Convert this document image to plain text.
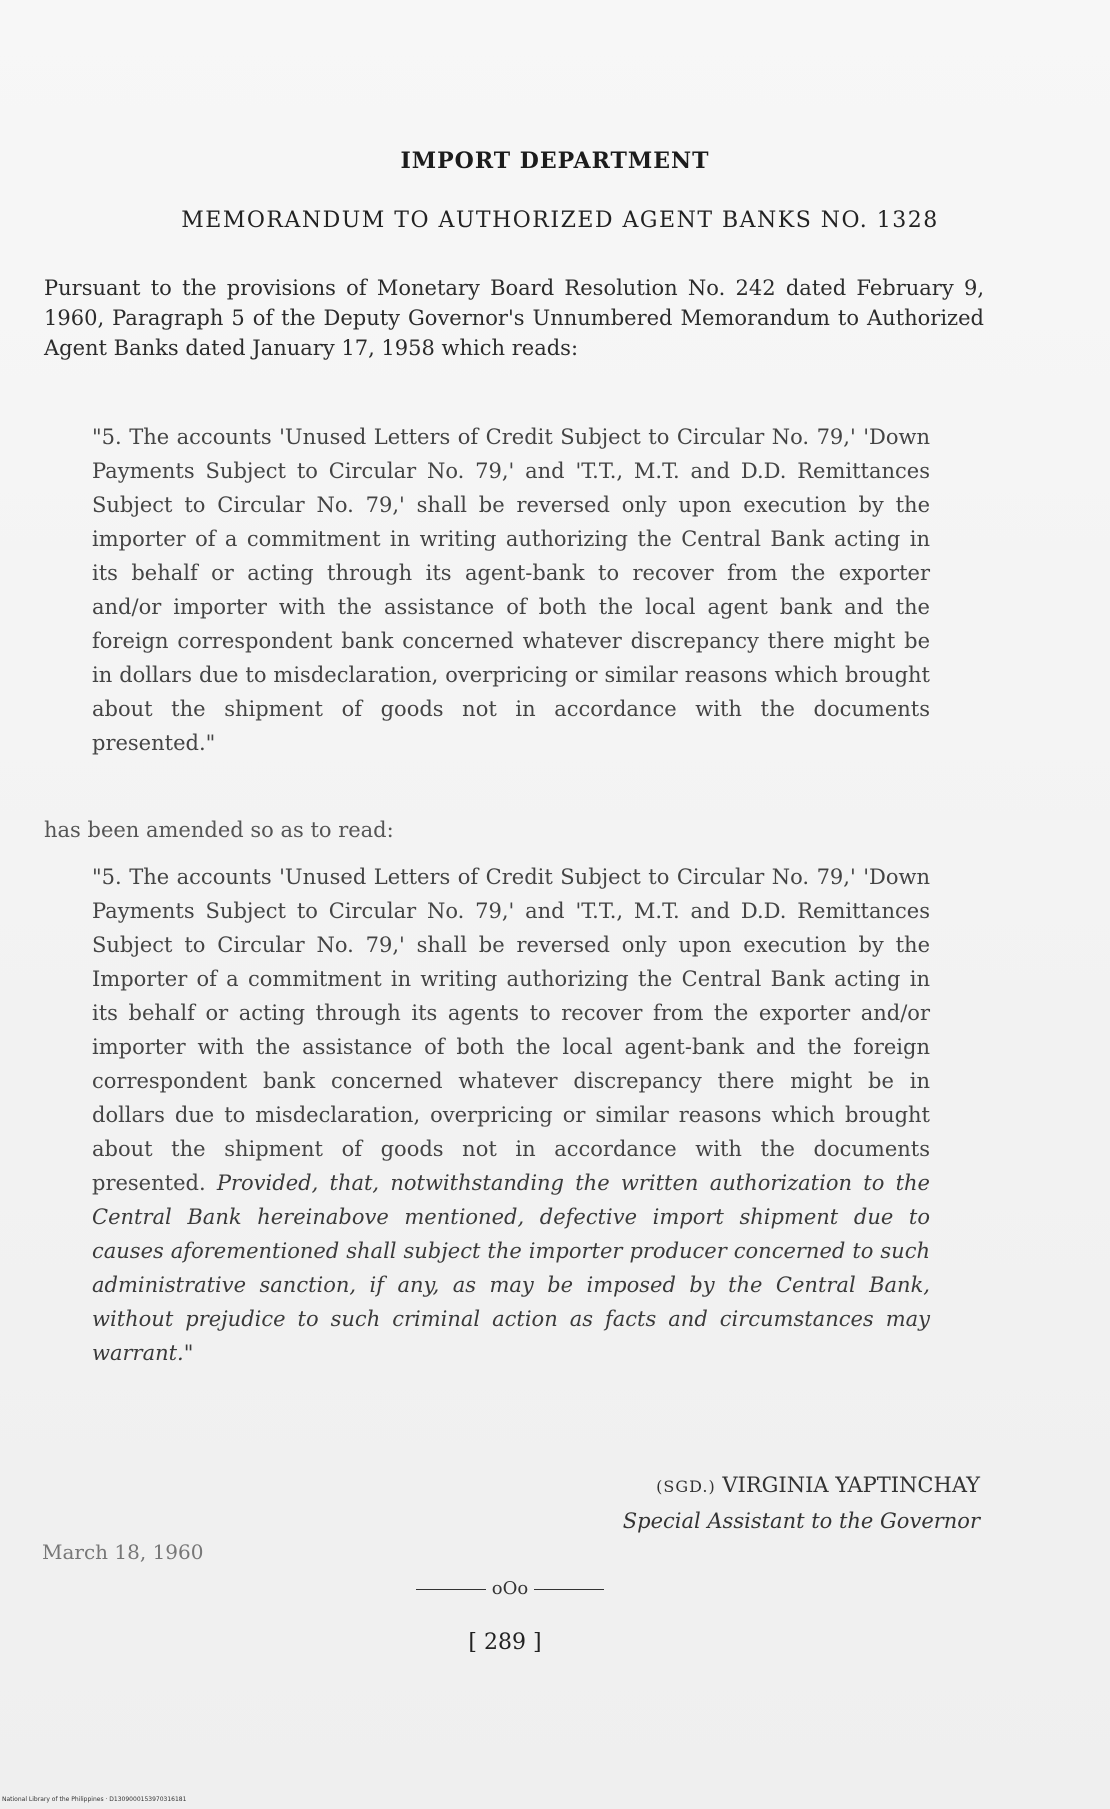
IMPORT DEPARTMENT
MEMORANDUM TO AUTHORIZED AGENT BANKS NO. 1328
Pursuant to the provisions of Monetary Board Resolution No. 242 dated February 9, 1960, Paragraph 5 of the Deputy Governor's Unnumbered Memorandum to Authorized Agent Banks dated January 17, 1958 which reads:
"5. The accounts 'Unused Letters of Credit Subject to Circular No. 79,' 'Down Payments Subject to Circular No. 79,' and 'T.T., M.T. and D.D. Remittances Subject to Circular No. 79,' shall be reversed only upon execution by the importer of a commitment in writing authorizing the Central Bank acting in its behalf or acting through its agent-bank to recover from the exporter and/or importer with the assistance of both the local agent bank and the foreign correspondent bank concerned whatever discrepancy there might be in dollars due to misdeclaration, overpricing or similar reasons which brought about the shipment of goods not in accordance with the documents presented."
has been amended so as to read:
"5. The accounts 'Unused Letters of Credit Subject to Circular No. 79,' 'Down Payments Subject to Circular No. 79,' and 'T.T., M.T. and D.D. Remittances Subject to Circular No. 79,' shall be reversed only upon execution by the Importer of a commitment in writing authorizing the Central Bank acting in its behalf or acting through its agents to recover from the exporter and/or importer with the assistance of both the local agent-bank and the foreign correspondent bank concerned whatever discrepancy there might be in dollars due to misdeclaration, overpricing or similar reasons which brought about the shipment of goods not in accordance with the documents presented. Provided, that, notwithstanding the written authorization to the Central Bank hereinabove mentioned, defective import shipment due to causes aforementioned shall subject the importer producer concerned to such administrative sanction, if any, as may be imposed by the Central Bank, without prejudice to such criminal action as facts and circumstances may warrant."
(SGD.) VIRGINIA YAPTINCHAY
Special Assistant to the Governor
March 18, 1960
oOo
[ 289 ]
National Library of the Philippines · D1309000153970316181
